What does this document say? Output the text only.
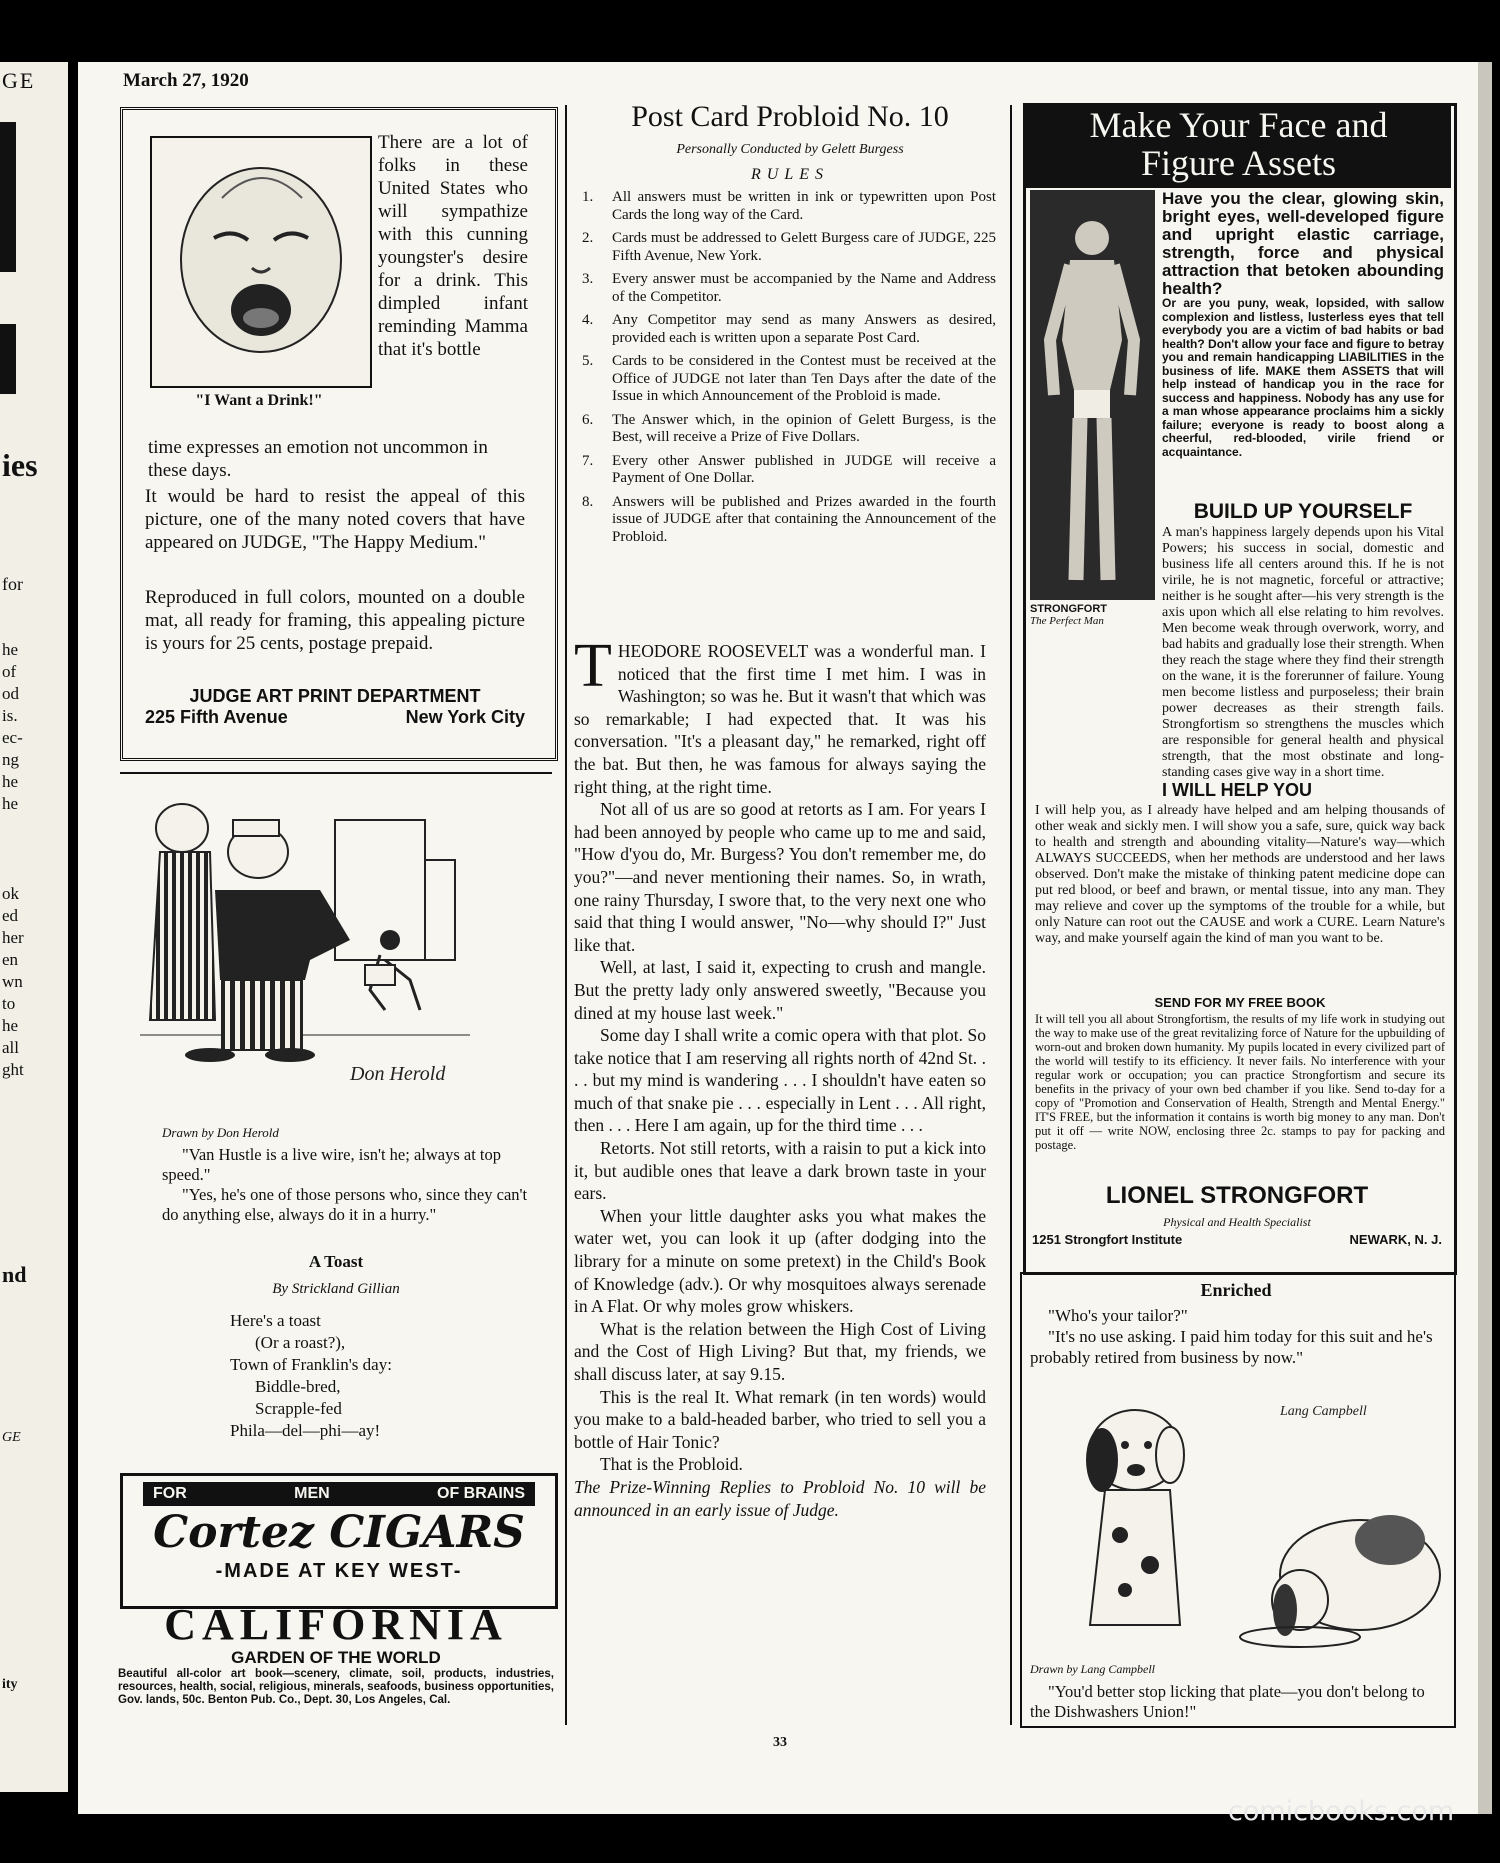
GE
ies
for
he
of
od
is.
ec-
ng
he
he
ok
ed
her
en
wn
to
he
all
ght
nd
GE
ity
March 27, 1920
"I Want a Drink!"
There are a lot of folks in these United States who will sympathize with this cunning youngster's desire for a drink. This dimpled infant reminding Mamma that it's bottle
time expresses an emotion not uncommon in these days.
It would be hard to resist the appeal of this picture, one of the many noted covers that have appeared on JUDGE, "The Happy Medium."
Reproduced in full colors, mounted on a double mat, all ready for framing, this appealing picture is yours for 25 cents, postage prepaid.
JUDGE ART PRINT DEPARTMENT
225 Fifth Avenue	New York City
Don Herold
Drawn by Don Herold
"Van Hustle is a live wire, isn't he; always at top speed."
"Yes, he's one of those persons who, since they can't do anything else, always do it in a hurry."
A Toast
By Strickland Gillian
Here's a toast
(Or a roast?),
Town of Franklin's day:
Biddle-bred,
Scrapple-fed
Phila—del—phi—ay!
FOR	MEN	OF BRAINS
Cortez CIGARS
-MADE AT KEY WEST-
CALIFORNIA
GARDEN OF THE WORLD
Beautiful all-color art book—scenery, climate, soil, products, industries, resources, health, social, religious, minerals, seafoods, business opportunities, Gov. lands, 50c. Benton Pub. Co., Dept. 30, Los Angeles, Cal.
Post Card Probloid No. 10
Personally Conducted by Gelett Burgess
RULES
1.	All answers must be written in ink or typewritten upon Post Cards the long way of the Card.
2.	Cards must be addressed to Gelett Burgess care of JUDGE, 225 Fifth Avenue, New York.
3.	Every answer must be accompanied by the Name and Address of the Competitor.
4.	Any Competitor may send as many Answers as desired, provided each is written upon a separate Post Card.
5.	Cards to be considered in the Contest must be received at the Office of JUDGE not later than Ten Days after the date of the Issue in which Announcement of the Probloid is made.
6.	The Answer which, in the opinion of Gelett Burgess, is the Best, will receive a Prize of Five Dollars.
7.	Every other Answer published in JUDGE will receive a Payment of One Dollar.
8.	Answers will be published and Prizes awarded in the fourth issue of JUDGE after that containing the Announcement of the Probloid.

THEODORE ROOSEVELT was a wonderful man. I noticed that the first time I met him. I was in Washington; so was he. But it wasn't that which was so remarkable; I had expected that. It was his conversation. "It's a pleasant day," he remarked, right off the bat. But then, he was famous for always saying the right thing, at the right time.

Not all of us are so good at retorts as I am. For years I had been annoyed by people who came up to me and said, "How d'you do, Mr. Burgess? You don't remember me, do you?"—and never mentioning their names. So, in wrath, one rainy Thursday, I swore that, to the very next one who said that thing I would answer, "No—why should I?" Just like that.

Well, at last, I said it, expecting to crush and mangle. But the pretty lady only answered sweetly, "Because you dined at my house last week."

Some day I shall write a comic opera with that plot. So take notice that I am reserving all rights north of 42nd St. . . . but my mind is wandering . . . I shouldn't have eaten so much of that snake pie . . . especially in Lent . . . All right, then . . . Here I am again, up for the third time . . .

Retorts. Not still retorts, with a raisin to put a kick into it, but audible ones that leave a dark brown taste in your ears.

When your little daughter asks you what makes the water wet, you can look it up (after dodging into the library for a minute on some pretext) in the Child's Book of Knowledge (adv.). Or why mosquitoes always serenade in A Flat. Or why moles grow whiskers.

What is the relation between the High Cost of Living and the Cost of High Living? But that, my friends, we shall discuss later, at say 9.15.

This is the real It. What remark (in ten words) would you make to a bald-headed barber, who tried to sell you a bottle of Hair Tonic?

That is the Probloid.

The Prize-Winning Replies to Probloid No. 10 will be announced in an early issue of Judge.

33
Make Your Face and
Figure Assets
STRONGFORT
The Perfect Man
Have you the clear, glowing skin, bright eyes, well-developed figure and upright elastic carriage, strength, force and physical attraction that betoken abounding health?
Or are you puny, weak, lopsided, with sallow complexion and listless, lusterless eyes that tell everybody you are a victim of bad habits or bad health? Don't allow your face and figure to betray you and remain handicapping LIABILITIES in the business of life. MAKE them ASSETS that will help instead of handicap you in the race for success and happiness. Nobody has any use for a man whose appearance proclaims him a sickly failure; everyone is ready to boost along a cheerful, red-blooded, virile friend or acquaintance.
BUILD UP YOURSELF
A man's happiness largely depends upon his Vital Powers; his success in social, domestic and business life all centers around this. If he is not virile, he is not magnetic, forceful or attractive; neither is he sought after—his very strength is the axis upon which all else relating to him revolves. Men become weak through overwork, worry, and bad habits and gradually lose their strength. When they reach the stage where they find their strength on the wane, it is the forerunner of failure. Young men become listless and purposeless; their brain power decreases as their strength fails. Strongfortism so strengthens the muscles which are responsible for general health and physical strength, that the most obstinate and long-standing cases give way in a short time.
I WILL HELP YOU
I will help you, as I already have helped and am helping thousands of other weak and sickly men. I will show you a safe, sure, quick way back to health and strength and abounding vitality—Nature's way—which ALWAYS SUCCEEDS, when her methods are understood and her laws observed. Don't make the mistake of thinking patent medicine dope can put red blood, or beef and brawn, or mental tissue, into any man. They may relieve and cover up the symptoms of the trouble for a while, but only Nature can root out the CAUSE and work a CURE. Learn Nature's way, and make yourself again the kind of man you want to be.
SEND FOR MY FREE BOOK
It will tell you all about Strongfortism, the results of my life work in studying out the way to make use of the great revitalizing force of Nature for the upbuilding of worn-out and broken down humanity. My pupils located in every civilized part of the world will testify to its efficiency. It never fails. No interference with your regular work or occupation; you can practice Strongfortism and secure its benefits in the privacy of your own bed chamber if you like. Send to-day for a copy of "Promotion and Conservation of Health, Strength and Mental Energy." IT'S FREE, but the information it contains is worth big money to any man. Don't put it off — write NOW, enclosing three 2c. stamps to pay for packing and postage.
LIONEL STRONGFORT
Physical and Health Specialist
1251 Strongfort Institute	NEWARK, N. J.
Enriched
"Who's your tailor?"
"It's no use asking. I paid him today for this suit and he's probably retired from business by now."
Lang Campbell
Drawn by Lang Campbell
"You'd better stop licking that plate—you don't belong to the Dishwashers Union!"
comicbooks.com
